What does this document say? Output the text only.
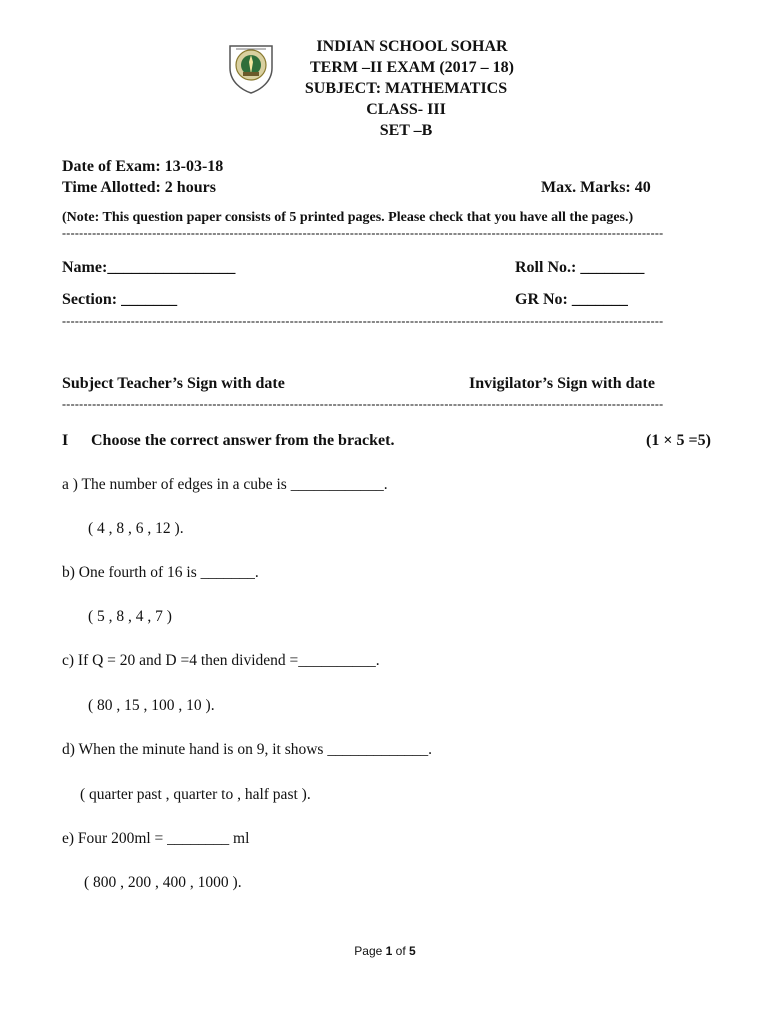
INDIAN SCHOOL SOHAR
TERM –II EXAM (2017 – 18)
SUBJECT: MATHEMATICS
CLASS- III
SET –B
Date of Exam: 13-03-18
Time Allotted: 2 hours	Max. Marks: 40
(Note: This question paper consists of 5 printed pages. Please check that you have all the pages.)
--------------------------------------------------------------------------------------------------------------------------------------------
Name:________________	Roll No.: ________
Section: _______	GR No: _______
--------------------------------------------------------------------------------------------------------------------------------------------
Subject Teacher’s Sign with date	Invigilator’s Sign with date
--------------------------------------------------------------------------------------------------------------------------------------------
I Choose the correct answer from the bracket.	(1 × 5 =5)
a ) The number of edges in a cube is ____________.
( 4 , 8 , 6 , 12 ).
b) One fourth of 16 is _______.
( 5 , 8 , 4 , 7 )
c) If Q = 20 and D =4 then dividend =__________.
( 80 , 15 , 100 , 10 ).
d) When the minute hand is on 9, it shows _____________.
( quarter past , quarter to , half past ).
e) Four 200ml = ________ ml
( 800 , 200 , 400 , 1000 ).
Page 1 of 5
